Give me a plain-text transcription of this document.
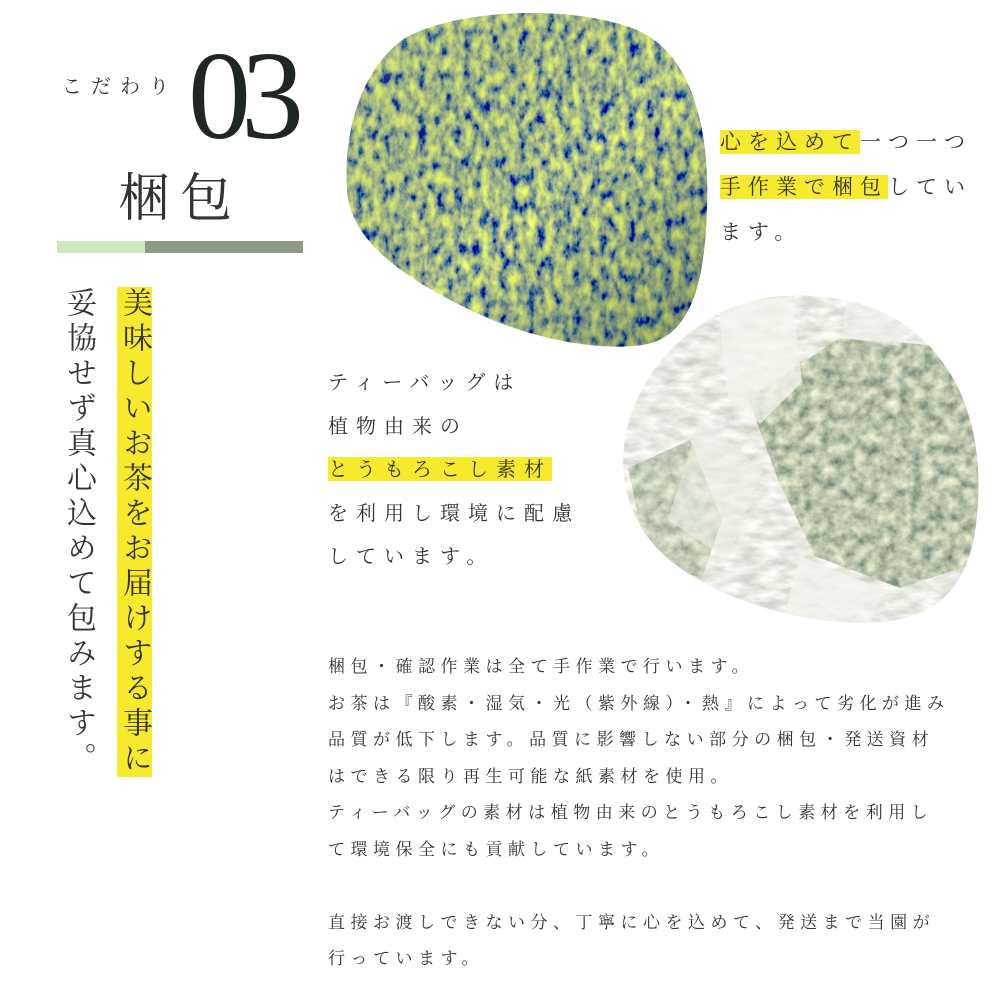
こだわり 03
梱包
美味しいお茶をお届けする事に
妥協せず真心込めて包みます。
心を込めて一つ一つ
手作業で梱包してい
ます。
ティーバッグは
植物由来の
とうもろこし素材
を利用し環境に配慮
しています。
梱包・確認作業は全て手作業で行います。
お茶は『酸素・湿気・光（紫外線）・熱』によって劣化が進み
品質が低下します。品質に影響しない部分の梱包・発送資材
はできる限り再生可能な紙素材を使用。
ティーバッグの素材は植物由来のとうもろこし素材を利用し
て環境保全にも貢献しています。
直接お渡しできない分、丁寧に心を込めて、発送まで当園が
行っています。
